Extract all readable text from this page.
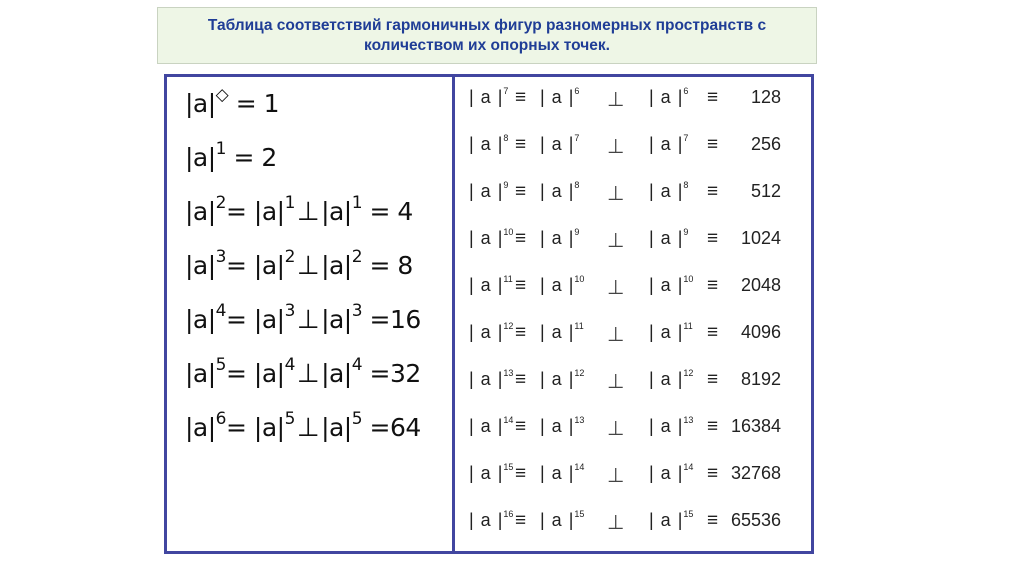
Таблица соответствий гармоничных фигур разномерных пространств с количеством их опорных точек.
|a|◇ = 1
$|a|^1 = 2$
$|a|^2=$ $|a|^1\perp|a|^1 = 4$
$|a|^3=$ $|a|^2\perp|a|^2 = 8$
$|a|^4=$ $|a|^3\perp|a|^3 =16$
$|a|^5=$ $|a|^4\perp|a|^4 =32$
$|a|^6=$ $|a|^5\perp|a|^5 =64$
| a $|^7$ ≡ | a $|^6$ ⊥ | a $|^6 \equiv 128$
| a $|^8$ ≡ | a $|^7$ ⊥ | a $|^7 \equiv 256$
| a $|^9$ ≡ | a $|^8$ ⊥ | a $|^8 \equiv 512$
| a $|^{10}$ ≡ | a $|^9$ ⊥ | a $|^9 \equiv 1024$
| a $|^{11}$ ≡ | a $|^{10}$ ⊥ | a $|^{10} \equiv 2048$
| a $|^{12}$ ≡ | a $|^{11}$ ⊥ | a $|^{11} \equiv 4096$
| a $|^{13}$ ≡ | a $|^{12}$ ⊥ | a $|^{12} \equiv 8192$
| a $|^{14}$ ≡ | a $|^{13}$ ⊥ | a $|^{13} \equiv 16384$
| a $|^{15}$ ≡ | a $|^{14}$ ⊥ | a $|^{14} \equiv 32768$
| a $|^{16}$ ≡ | a $|^{15}$ ⊥ | a $|^{15} \equiv 65536$
